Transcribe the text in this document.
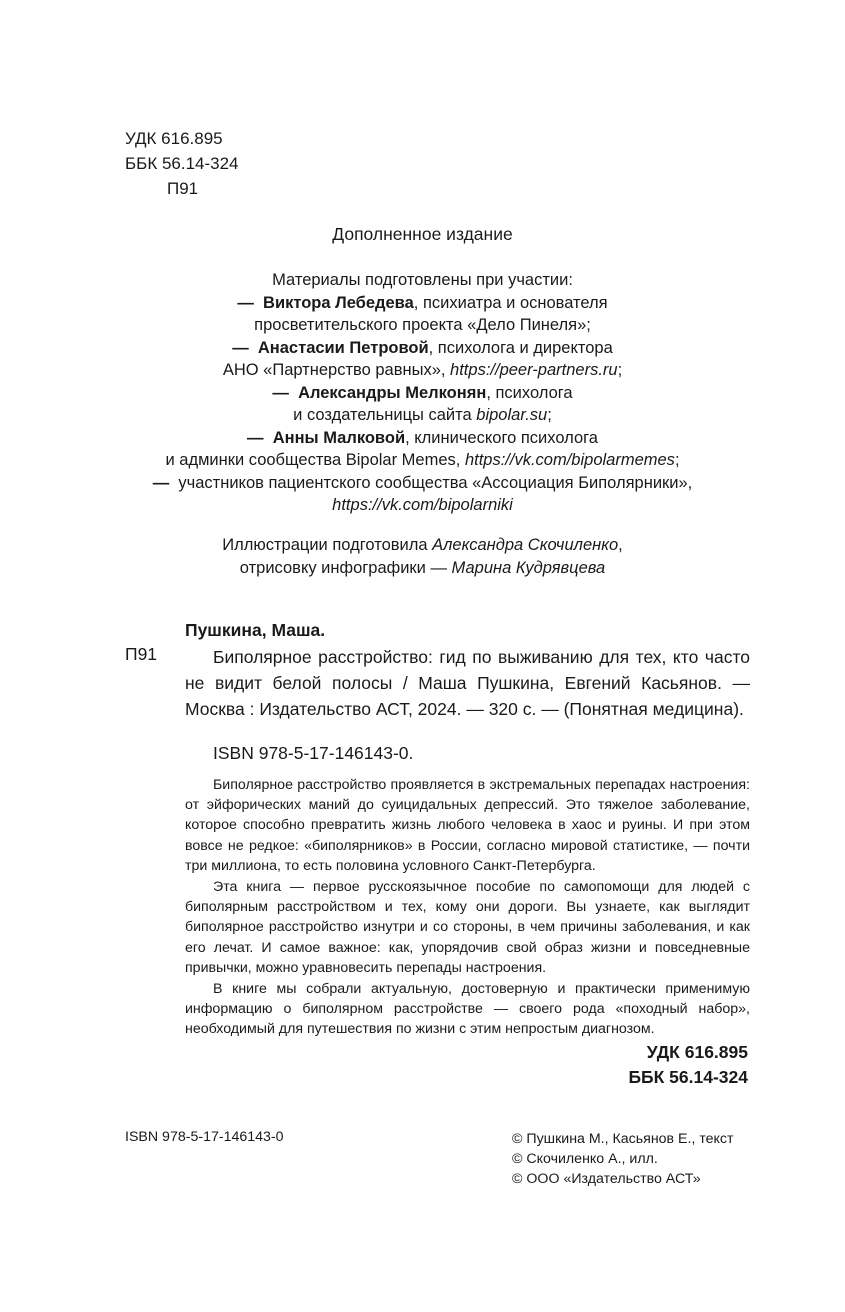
УДК 616.895
ББК 56.14-324
П91
Дополненное издание
Материалы подготовлены при участии:
— Виктора Лебедева, психиатра и основателя
просветительского проекта «Дело Пинеля»;
— Анастасии Петровой, психолога и директора
АНО «Партнерство равных», https://peer-partners.ru;
— Александры Мелконян, психолога
и создательницы сайта bipolar.su;
— Анны Малковой, клинического психолога
и админки сообщества Bipolar Memes, https://vk.com/bipolarmemes;
— участников пациентского сообщества «Ассоциация Биполярники»,
https://vk.com/bipolarniki
Иллюстрации подготовила Александра Скочиленко,
отрисовку инфографики — Марина Кудрявцева
Пушкина, Маша.
П91	Биполярное расстройство: гид по выживанию для тех, кто часто не видит белой полосы / Маша Пушкина, Евгений Касьянов. — Москва : Издательство АСТ, 2024. — 320 с. — (Понятная медицина).
ISBN 978-5-17-146143-0.

Биполярное расстройство проявляется в экстремальных перепадах настроения: от эйфорических маний до суицидальных депрессий. Это тяжелое заболевание, которое способно превратить жизнь любого человека в хаос и руины. И при этом вовсе не редкое: «биполярников» в России, согласно мировой статистике, — почти три миллиона, то есть половина условного Санкт-Петербурга.

Эта книга — первое русскоязычное пособие по самопомощи для людей с биполярным расстройством и тех, кому они дороги. Вы узнаете, как выглядит биполярное расстройство изнутри и со стороны, в чем причины заболевания, и как его лечат. И самое важное: как, упорядочив свой образ жизни и повседневные привычки, можно уравновесить перепады настроения.

В книге мы собрали актуальную, достоверную и практически применимую информацию о биполярном расстройстве — своего рода «походный набор», необходимый для путешествия по жизни с этим непростым диагнозом.

УДК 616.895
ББК 56.14-324
ISBN 978-5-17-146143-0	© Пушкина М., Касьянов Е., текст
© Скочиленко А., илл.
© ООО «Издательство АСТ»
